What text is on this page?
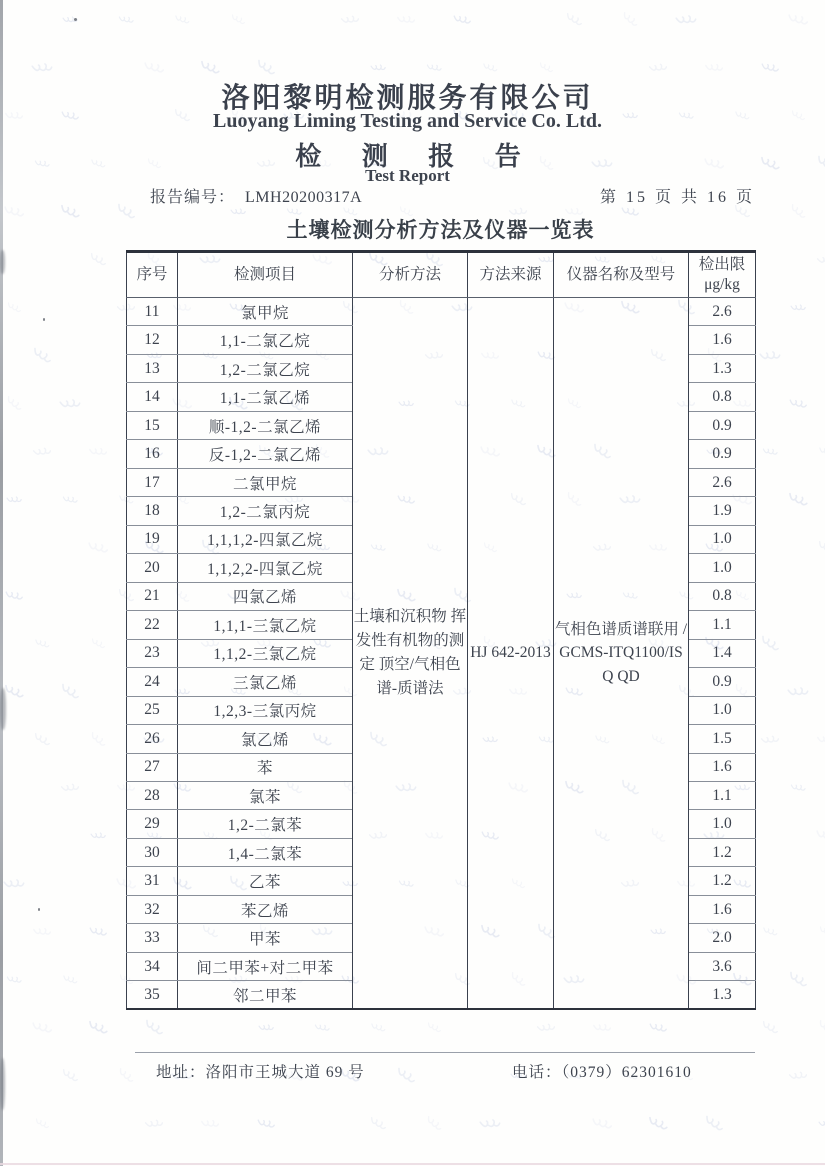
洛阳黎明检测服务有限公司
Luoyang Liming Testing and Service Co. Ltd.
检 测 报 告
Test Report
报告编号： LMH20200317A	第 15 页 共 16 页
土壤检测分析方法及仪器一览表
序号	检测项目	分析方法	方法来源	仪器名称及型号	检出限
μg/kg

11	氯甲烷	土壤和沉积物 挥发性有机物的测定 顶空/气相色谱-质谱法	HJ 642-2013	气相色谱质谱联用 /GCMS-ITQ1100/ISQ QD	2.6
12	1,1-二氯乙烷				1.6
13	1,2-二氯乙烷				1.3
14	1,1-二氯乙烯				0.8
15	顺-1,2-二氯乙烯				0.9
16	反-1,2-二氯乙烯				0.9
17	二氯甲烷				2.6
18	1,2-二氯丙烷				1.9
19	1,1,1,2-四氯乙烷				1.0
20	1,1,2,2-四氯乙烷				1.0
21	四氯乙烯				0.8
22	1,1,1-三氯乙烷				1.1
23	1,1,2-三氯乙烷				1.4
24	三氯乙烯				0.9
25	1,2,3-三氯丙烷				1.0
26	氯乙烯				1.5
27	苯				1.6
28	氯苯				1.1
29	1,2-二氯苯				1.0
30	1,4-二氯苯				1.2
31	乙苯				1.2
32	苯乙烯				1.6
33	甲苯				2.0
34	间二甲苯+对二甲苯				3.6
35	邻二甲苯				1.3
地址：洛阳市王城大道 69 号	电话：（0379）62301610
